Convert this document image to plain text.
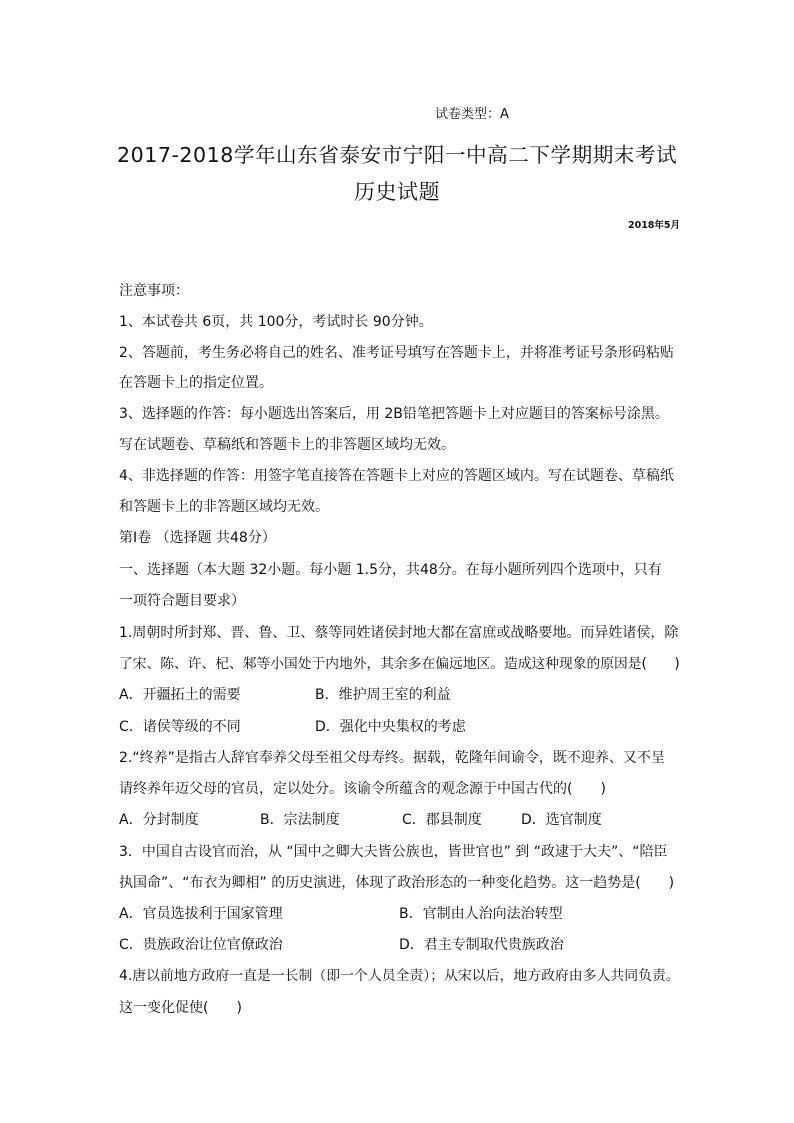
试卷类型：A
2017-2018学年山东省泰安市宁阳一中高二下学期期末考试
历史试题
2018年5月
注意事项：
1、本试卷共 6页，共 100分，考试时长 90分钟。
2、答题前，考生务必将自己的姓名、准考证号填写在答题卡上，并将准考证号条形码粘贴
在答题卡上的指定位置。
3、选择题的作答：每小题选出答案后，用 2B铅笔把答题卡上对应题目的答案标号涂黑。
写在试题卷、草稿纸和答题卡上的非答题区域均无效。
4、非选择题的作答：用签字笔直接答在答题卡上对应的答题区域内。写在试题卷、草稿纸
和答题卡上的非答题区域均无效。
第Ⅰ卷 （选择题 共48分）
一、选择题（本大题 32小题。每小题 1.5分，共48分。在每小题所列四个选项中，只有
一项符合题目要求）
1.周朝时所封郑、晋、鲁、卫、蔡等同姓诸侯封地大都在富庶或战略要地。而异姓诸侯，除
了宋、陈、许、杞、邾等小国处于内地外，其余多在偏远地区。造成这种现象的原因是(　　)
A．开疆拓土的需要	B．维护周王室的利益
C．诸侯等级的不同	D．强化中央集权的考虑
2.“终养”是指古人辞官奉养父母至祖父母寿终。据载，乾隆年间谕令，既不迎养、又不呈
请终养年迈父母的官员，定以处分。该谕令所蕴含的观念源于中国古代的(　　)
A．分封制度	B．宗法制度	C．郡县制度	D．选官制度
3．中国自古设官而治，从 “国中之卿大夫皆公族也，皆世官也” 到 “政逮于大夫”、“陪臣
执国命”、“布衣为卿相” 的历史演进，体现了政治形态的一种变化趋势。这一趋势是(　　)
A．官员选拔利于国家管理	B．官制由人治向法治转型
C．贵族政治让位官僚政治	D．君主专制取代贵族政治
4.唐以前地方政府一直是一长制（即一个人员全责）；从宋以后，地方政府由多人共同负责。
这一变化促使(　　)
